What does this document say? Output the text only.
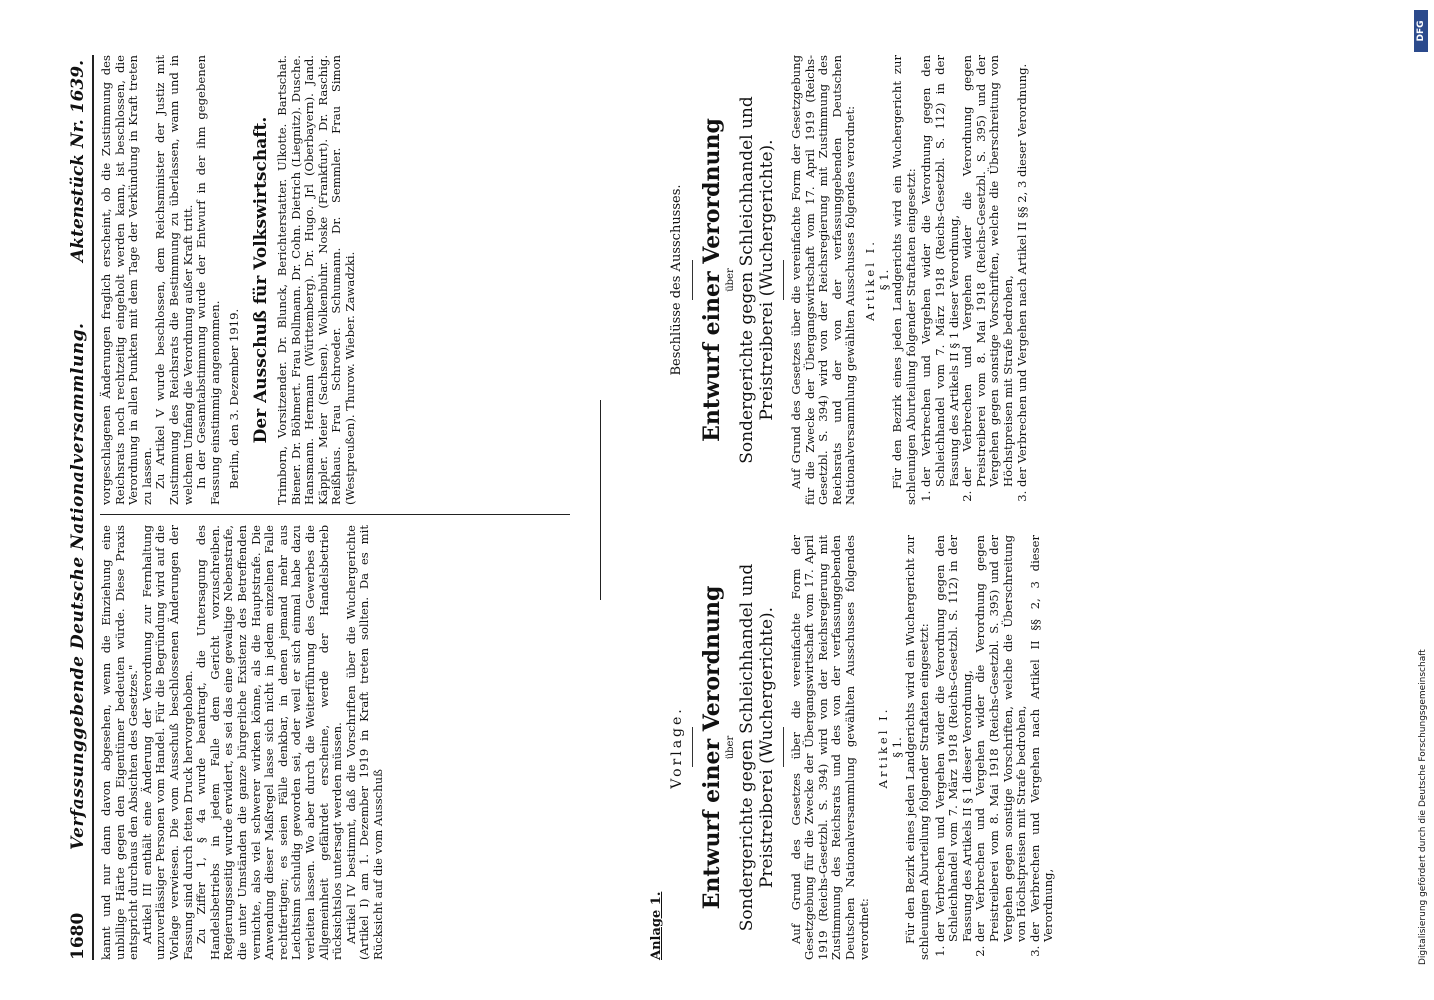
1680
Verfassunggebende Deutsche Nationalversammlung.
Aktenstück Nr. 1639.

kannt und nur dann davon abgesehen, wenn die Einziehung eine unbillige Härte gegen den Eigentümer bedeuten würde. Diese Praxis entspricht durchaus den Absichten des Gesetzes." Artikel III enthält eine Änderung der Verordnung zur Fernhaltung unzuverlässiger Personen vom Handel. Für die Begründung wird auf die Vorlage verwiesen. Die vom Ausschuß beschlossenen Änderungen der Fassung sind durch fetten Druck hervorgehoben. Zu Ziffer 1, § 4a wurde beantragt, die Untersagung des Handelsbetriebs in jedem Falle dem Gericht vorzuschreiben. Regierungsseitig wurde erwidert, es sei das eine gewaltige Nebenstrafe, die unter Umständen die ganze bürgerliche Existenz des Betreffenden vernichte, also viel schwerer wirken könne, als die Hauptstrafe. Die Anwendung dieser Maßregel lasse sich nicht in jedem einzelnen Falle rechtfertigen; es seien Fälle denkbar, in denen jemand mehr aus Leichtsinn schuldig geworden sei, oder weil er sich einmal habe dazu verleiten lassen. Wo aber durch die Weiterführung des Gewerbes die Allgemeinheit gefährdet erscheine, werde der Handelsbetrieb rücksichtslos untersagt werden müssen. Artikel IV bestimmt, daß die Vorschriften über die Wuchergerichte (Artikel I) am 1. Dezember 1919 in Kraft treten sollten. Da es mit Rücksicht auf die vom Ausschuß

vorgeschlagenen Änderungen fraglich erscheint, ob die Zustimmung des Reichsrats noch rechtzeitig eingeholt werden kann, ist beschlossen, die Verordnung in allen Punkten mit dem Tage der Verkündung in Kraft treten zu lassen. Zu Artikel V wurde beschlossen, dem Reichsminister der Justiz mit Zustimmung des Reichsrats die Bestimmung zu überlassen, wann und in welchem Umfang die Verordnung außer Kraft tritt. In der Gesamtabstimmung wurde der Entwurf in der ihm gegebenen Fassung einstimmig angenommen. Berlin, den 3. Dezember 1919. Der Ausschuß für Volkswirtschaft. Trimborn, Vorsitzender. Dr. Blunck, Berichterstatter. Ulkotte. Bartschat. Biener. Dr. Böhmert. Frau Bollmann. Dr. Cohn. Dietrich (Liegnitz). Dusche. Hansmann. Hermann (Württemberg). Dr. Hugo. Jrl (Oberbayern). Jand. Käppler. Meier (Sachsen). Wolkenbuhr. Noske (Frankfurt). Dr. Raschig. Reißhaus. Frau Schroeder. Schumann. Dr. Semmler. Frau Simon (Westpreußen). Thurow. Wieber. Zawadzki.

Anlage 1.

Vorlage. Entwurf einer Verordnung über Sondergerichte gegen Schleichhandel und Preistreiberei (Wuchergerichte). Auf Grund des Gesetzes über die vereinfachte Form der Gesetzgebung für die Zwecke der Übergangswirtschaft vom 17. April 1919 (Reichs-Gesetzbl. S. 394) wird von der Reichsregierung mit Zustimmung des Reichsrats und des von der verfassunggebenden Deutschen Nationalversammlung gewählten Ausschusses folgendes verordnet:

Artikel I. § 1. Für den Bezirk eines jeden Landgerichts wird ein Wuchergericht zur schleunigen Aburteilung folgender Straftaten eingesetzt: 1. der Verbrechen und Vergehen wider die Verordnung gegen den Schleichhandel vom 7. März 1918 (Reichs-Gesetzbl. S. 112) in der Fassung des Artikels II § 1 dieser Verordnung, 2. der Verbrechen und Vergehen wider die Verordnung gegen Preistreiberei vom 8. Mai 1918 (Reichs-Gesetzbl. S. 395) und der Vergehen gegen sonstige Vorschriften, welche die Überschreitung von Höchstpreisen mit Strafe bedrohen, 3. der Verbrechen und Vergehen nach Artikel II §§ 2, 3 dieser Verordnung,

Beschlüsse des Ausschusses. Entwurf einer Verordnung über Sondergerichte gegen Schleichhandel und Preistreiberei (Wuchergerichte). Auf Grund des Gesetzes über die vereinfachte Form der Gesetzgebung für die Zwecke der Übergangswirtschaft vom 17. April 1919 (Reichs-Gesetzbl. S. 394) wird von der Reichsregierung mit Zustimmung des Reichsrats und der von der verfassunggebenden Deutschen Nationalversammlung gewählten Ausschusses folgendes verordnet: Artikel I. § 1. Für den Bezirk eines jeden Landgerichts wird ein Wuchergericht zur schleunigen Aburteilung folgender Straftaten eingesetzt: 1. der Verbrechen und Vergehen wider die Verordnung gegen den Schleichhandel vom 7. März 1918 (Reichs-Gesetzbl. S. 112) in der Fassung des Artikels II § 1 dieser Verordnung, 2. der Verbrechen und Vergehen wider die Verordnung gegen Preistreiberei vom 8. Mai 1918 (Reichs-Gesetzbl. S. 395) und der Vergehen gegen sonstige Vorschriften, welche die Überschreitung von Höchstpreisen mit Strafe bedrohen, 3. der Verbrechen und Vergehen nach Artikel II §§ 2, 3 dieser Verordnung.
Digitalisierung gefördert durch die Deutsche Forschungsgemeinschaft
DFG
